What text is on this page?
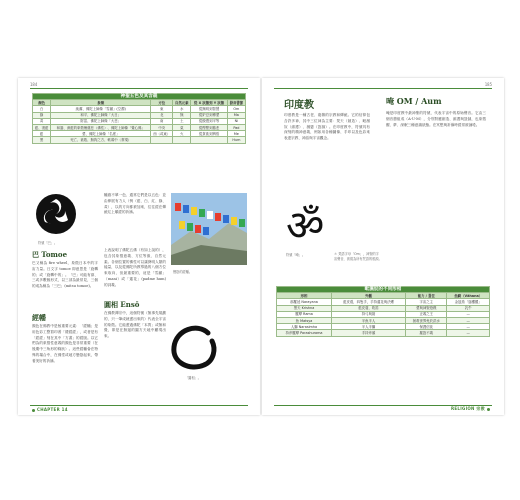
184
神聖五色及其含義					
顏色	象徵	方位	自然元素	從 X 狀態到 Y 狀態	發音書節
白	純潔、佛陀上師像「雪鐵」(空濁)	東	水	從無明到智慧	Om
綠	和平、佛陀上師像「大日」	北	無	從妒忌到博愛	Ma
黃	財富、佛陀上師像「大悲」	南	土	從傲慢到平等	Ni
藍、淺藍	和諧、深藍的象徵懷慈悲（佛性）、佛陀上師像「覺心佛」	中央	氣	從慳慳到慈悲	Pad
藍	愛、佛陀上師像「名度」	西（或東）	火	從貪欲到辨悟	Me
黑	死亡、衰敗、無拘之方、軟弱中（實現）				Hum
符號「巴」。
巴 Tomoe
巴又稱為 fire wheel，象徵日本中的宇宙力量。日文字 tomoe 即意思是「旋轉的」或「旋轉中的」。「巴」可能有兩、三或多數個形式，以三部為最常見，三個的成為稱為「三巴」(mitsu tomoe)。
經幡
顏色在佛教中是極重要元素：「經幡」是用色彩工整寫印著「禮經經」，或者是有「經經」刻在其中「方書」的經版。以它們為的象徵性意義的顏色是非常重要（在後期中三角形的條狀）。這些經幡會在特殊的場合中，在佛堂或地方懸掛起來，帶著美好的祈禱。
幡旗不單一色、通常它們是以五色：並由伸展有力人（例（藍、白、紅、綠、黃），以的方向都被加來，往往經在傳統紅上順經的祈禱。
上表說明了佛陀五佛（有如上說的），包含其象徵意義、方位等級、自然元素。各個位置的佛性可以讓發明人類的能量，以及從佛陀所教導過的八個方位來取向，但最重要的，這是「雪鐵」（mani）或「蓮花」(padme hum) 的詞義。
圓相 Ensō
在佛教禪宗中，這個符號（無事先規劃的，只一筆成就畫出來的）代表全宇宙的象徵。它能畫過佛陀「本質」或無和覺，即是在無邊的圓方天地中顯現出來。
懸掛的經幡。
「圓相」。
CHAPTER 14
185
印度教
印度教是一種古老、複雜的宗教和傳統。它的信仰包含許多神，其中三位神為主要：梵天（創造）、毗濕奴（維護）、濕婆（毀滅）。在印度教中，符號具有深刻的精神意義，例如用各種圖像、手印以及色彩來表達宗教、神話與宇宙觀念。
唵 OM / Aum
唵是印度教中最神聖的符號，代表宇宙中的原始聲音。它由三個音節組成（A-U-M），分別對應創造、維護與毀滅，也象徵醒、夢、深眠三種意識狀態。在冥想與祈禱時經常被誦唸。
ॐ
符號「唵」。	＊ 梵語字母「Om」，神聖的宇宙聲音，被視為所有咒語的根源。
毗濕奴的不同形相			
形相	外觀	能力 / 責任	坐騎（Vāhana）
那羅延 Narayana	藍皮膚，四隻手，手持蓮花與法螺	宇宙之主	金翅鳥「迦樓羅」
黑天 Krishna	藍皮膚，吹笛	愛與神聖遊戲	乳牛
羅摩 Rama	持弓與箭	正義之王	—
魚 Matsya	半魚半人	拯救世界免於洪水	—
人獅 Narasimha	半人半獅	保護信徒	—
持斧羅摩 Parashurama	手持斧頭	摧毀不義	—
RELIGION 宗教
